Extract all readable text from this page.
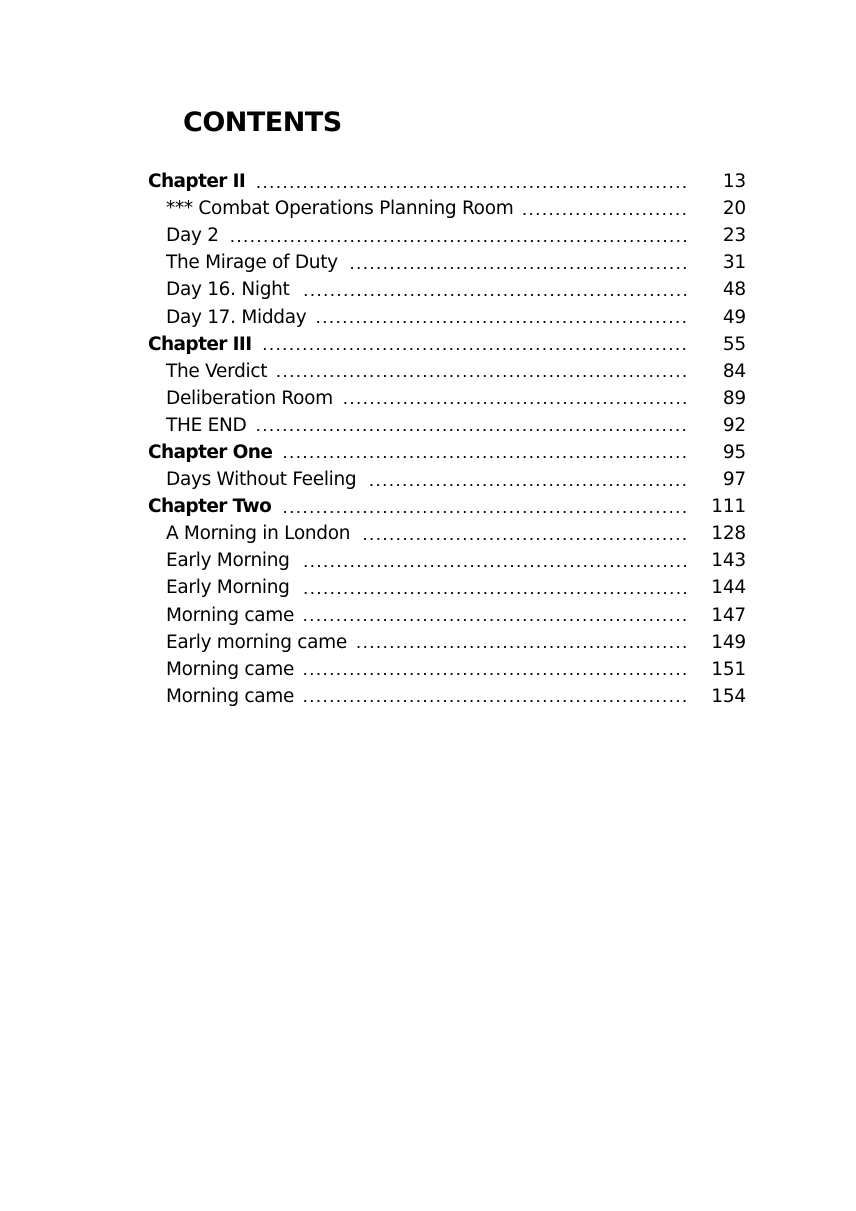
CONTENTS
Chapter II	13
*** Combat Operations Planning Room	20
Day 2	23
The Mirage of Duty	31
Day 16. Night	48
Day 17. Midday	49
Chapter III	55
The Verdict	84
Deliberation Room	89
THE END	92
Chapter One	95
Days Without Feeling	97
Chapter Two	111
A Morning in London	128
Early Morning	143
Early Morning	144
Morning came	147
Early morning came	149
Morning came	151
Morning came	154
